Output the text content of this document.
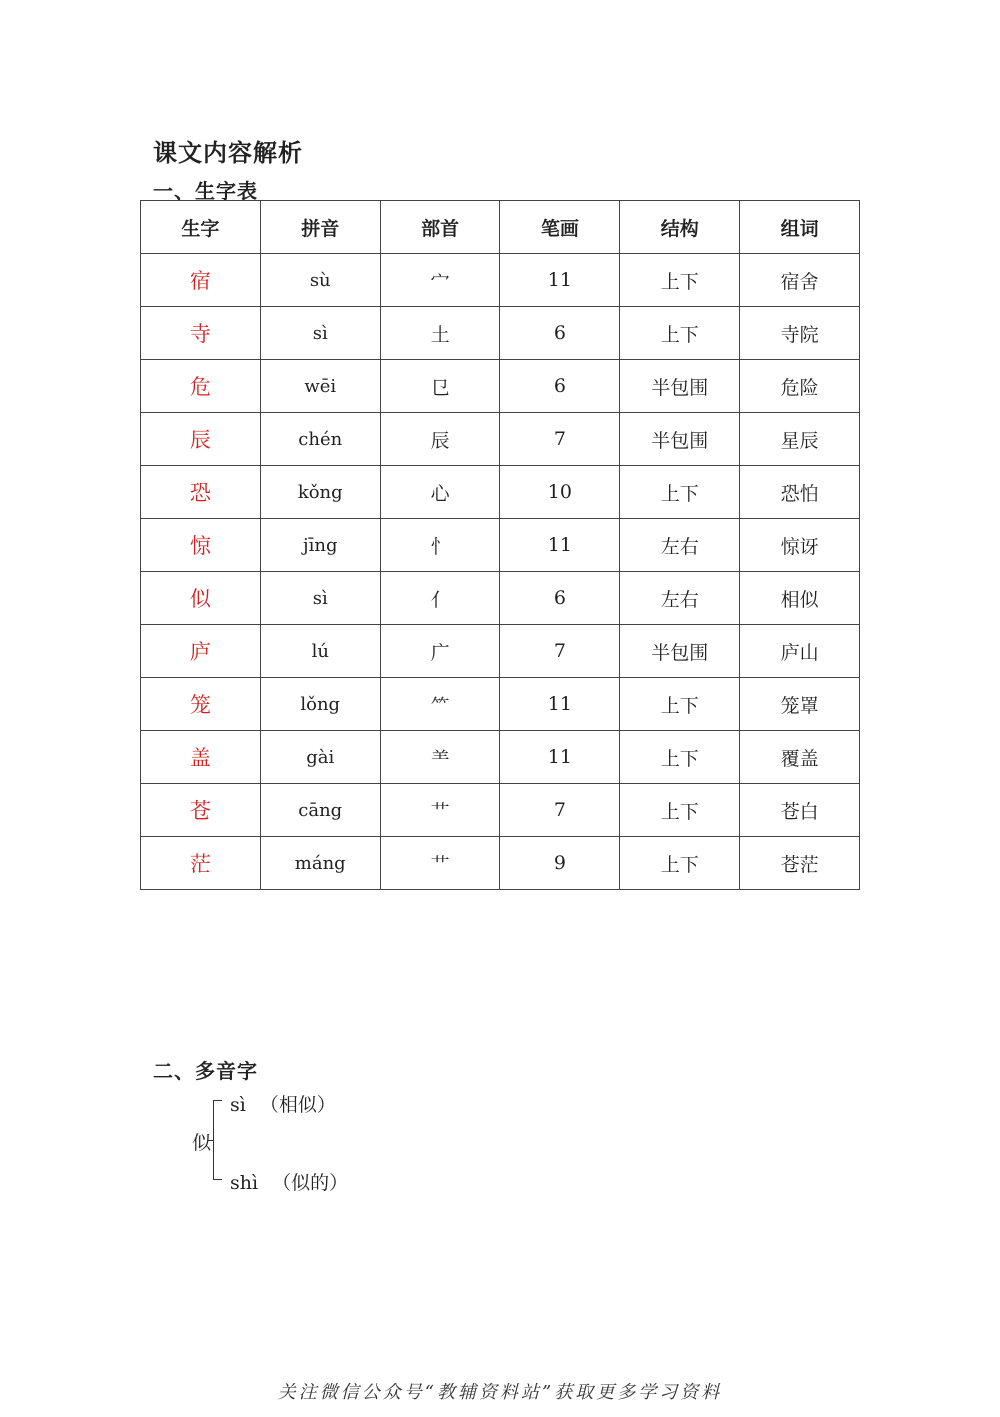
课文内容解析
一、生字表
生字	拼音	部首	笔画	结构	组词
宿	sù	宀	11	上下	宿舍
寺	sì	土	6	上下	寺院
危	wēi	㔾	6	半包围	危险
辰	chén	辰	7	半包围	星辰
恐	kǒng	心	10	上下	恐怕
惊	jīng	忄	11	左右	惊讶
似	sì	亻	6	左右	相似
庐	lú	广	7	半包围	庐山
笼	lǒng	⺮	11	上下	笼罩
盖	gài	⺷	11	上下	覆盖
苍	cāng	艹	7	上下	苍白
茫	máng	艹	9	上下	苍茫
二、多音字
似
sì （相似）
shì （似的）
关注微信公众号“教辅资料站”获取更多学习资料
